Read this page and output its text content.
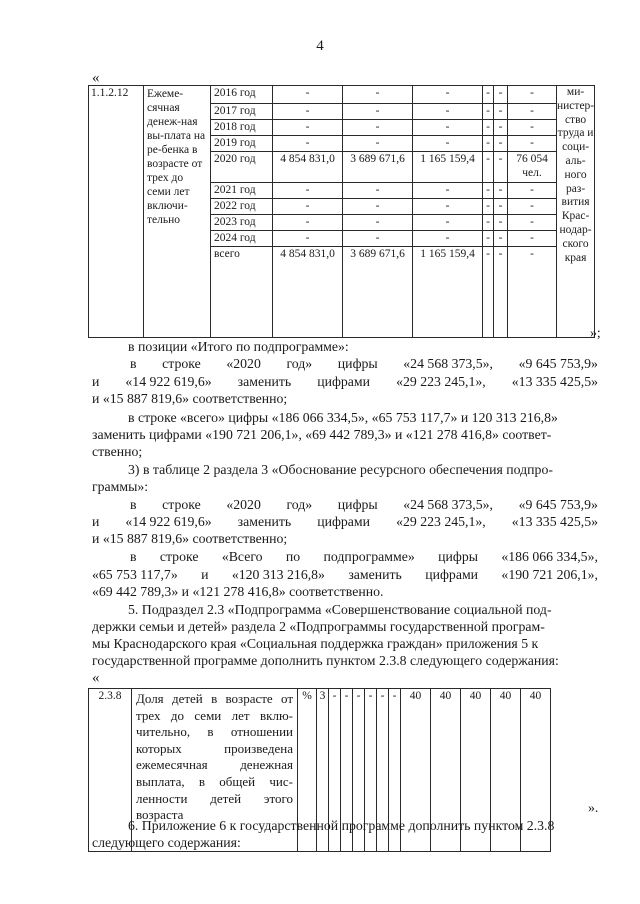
4
«
1.1.2.12	Ежеме-сячная денеж-ная вы-плата на ре-бенка в возрасте от трех до семи лет включи-тельно	2016 год	-	-	-	-	-	-	ми-нистер-ство труда и соци-аль-ного раз-вития Крас-нодар-ского края
		2017 год	-	-	-	-	-	-	
		2018 год	-	-	-	-	-	-	
		2019 год	-	-	-	-	-	-	
		2020 год	4 854 831,0	3 689 671,6	1 165 159,4	-	-	76 054 чел.	
		2021 год	-	-	-	-	-	-	
		2022 год	-	-	-	-	-	-	
		2023 год	-	-	-	-	-	-	
		2024 год	-	-	-	-	-	-	
		всего	4 854 831,0	3 689 671,6	1 165 159,4	-	-	-	
»;
в позиции «Итого по подпрограмме»:
в строке «2020 год» цифры «24 568 373,5», «9 645 753,9»
и «14 922 619,6» заменить цифрами «29 223 245,1», «13 335 425,5»
и «15 887 819,6» соответственно;
в строке «всего» цифры «186 066 334,5», «65 753 117,7» и 120 313 216,8»
заменить цифрами «190 721 206,1», «69 442 789,3» и «121 278 416,8» соответ-
ственно;
3) в таблице 2 раздела 3 «Обоснование ресурсного обеспечения подпро-
граммы»:
в строке «2020 год» цифры «24 568 373,5», «9 645 753,9»
и «14 922 619,6» заменить цифрами «29 223 245,1», «13 335 425,5»
и «15 887 819,6» соответственно;
в строке «Всего по подпрограмме» цифры «186 066 334,5»,
«65 753 117,7» и «120 313 216,8» заменить цифрами «190 721 206,1»,
«69 442 789,3» и «121 278 416,8» соответственно.
5. Подраздел 2.3 «Подпрограмма «Совершенствование социальной под-
держки семьи и детей» раздела 2 «Подпрограммы государственной програм-
мы Краснодарского края «Социальная поддержка граждан» приложения 5 к
государственной программе дополнить пунктом 2.3.8 следующего содержания:
«
2.3.8	Доля детей в возрасте от трех до семи лет вклю-чительно, в отношении которых произведена ежемесячная денежная выплата, в общей чис-ленности детей этого возраста	%	3	-	-	-	-	-	-	40	40	40	40	40
».
6. Приложение 6 к государственной программе дополнить пунктом 2.3.8
следующего содержания:
